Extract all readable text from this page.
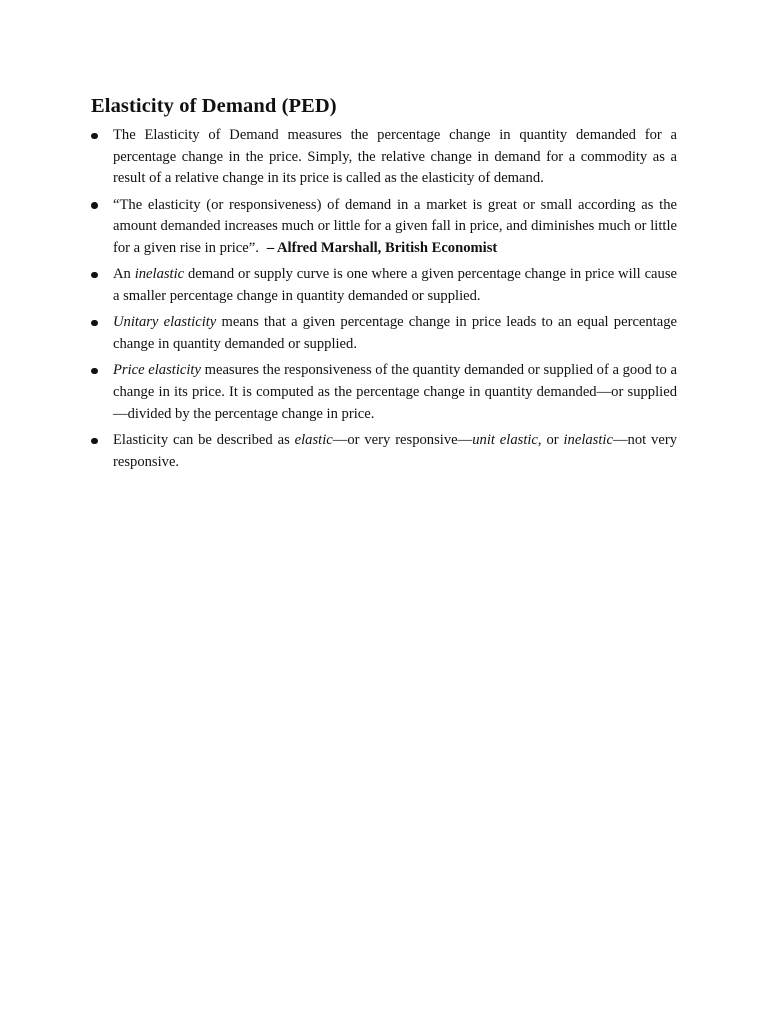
Elasticity of Demand (PED)
The Elasticity of Demand measures the percentage change in quantity demanded for a percentage change in the price. Simply, the relative change in demand for a commodity as a result of a relative change in its price is called as the elasticity of demand.
“The elasticity (or responsiveness) of demand in a market is great or small according as the amount demanded increases much or little for a given fall in price, and diminishes much or little for a given rise in price”. – Alfred Marshall, British Economist
An inelastic demand or supply curve is one where a given percentage change in price will cause a smaller percentage change in quantity demanded or supplied.
Unitary elasticity means that a given percentage change in price leads to an equal percentage change in quantity demanded or supplied.
Price elasticity measures the responsiveness of the quantity demanded or supplied of a good to a change in its price. It is computed as the percentage change in quantity demanded—or supplied—divided by the percentage change in price.
Elasticity can be described as elastic—or very responsive—unit elastic, or inelastic—not very responsive.
